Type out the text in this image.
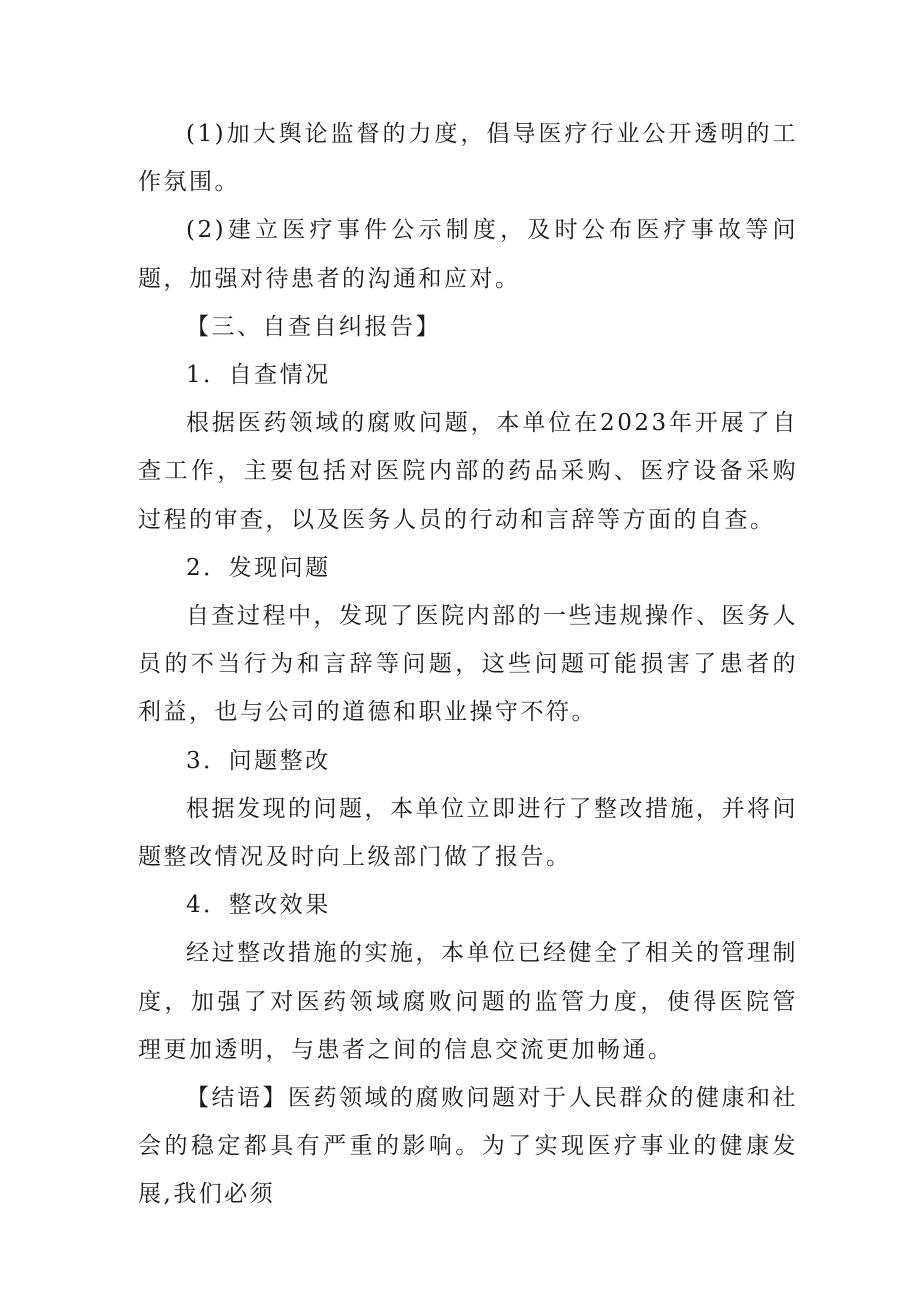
(1)加大舆论监督的力度，倡导医疗行业公开透明的工作氛围。

(2)建立医疗事件公示制度，及时公布医疗事故等问题，加强对待患者的沟通和应对。

【三、自查自纠报告】

1．自查情况

根据医药领域的腐败问题，本单位在2023年开展了自查工作，主要包括对医院内部的药品采购、医疗设备采购过程的审查，以及医务人员的行动和言辞等方面的自查。

2．发现问题

自查过程中，发现了医院内部的一些违规操作、医务人员的不当行为和言辞等问题，这些问题可能损害了患者的利益，也与公司的道德和职业操守不符。

3．问题整改

根据发现的问题，本单位立即进行了整改措施，并将问题整改情况及时向上级部门做了报告。

4．整改效果

经过整改措施的实施，本单位已经健全了相关的管理制度，加强了对医药领域腐败问题的监管力度，使得医院管理更加透明，与患者之间的信息交流更加畅通。

【结语】医药领域的腐败问题对于人民群众的健康和社会的稳定都具有严重的影响。为了实现医疗事业的健康发展,我们必须
